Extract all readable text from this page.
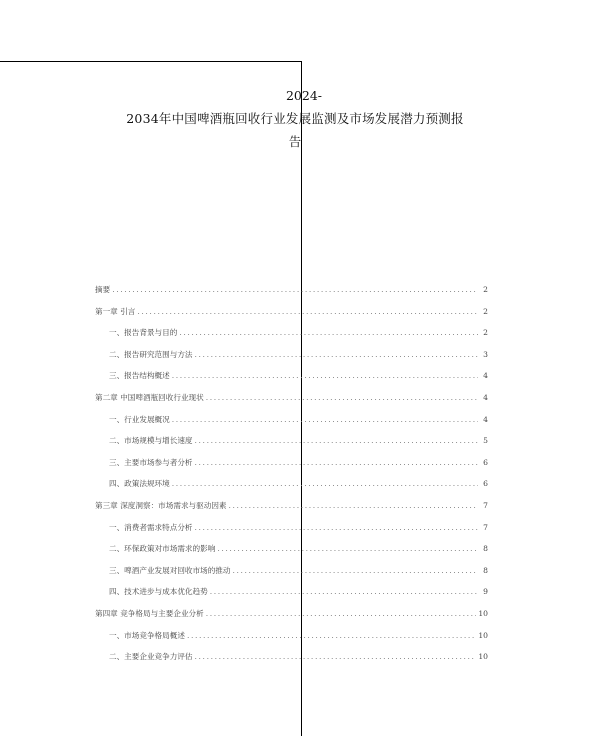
2024-
2034年中国啤酒瓶回收行业发展监测及市场发展潜力预测报
告
摘要 .....	2
第一章 引言 .....	2
一、报告背景与目的 .....	2
二、报告研究范围与方法 .....	3
三、报告结构概述 .....	4
第二章 中国啤酒瓶回收行业现状 .....	4
一、行业发展概况 .....	4
二、市场规模与增长速度 .....	5
三、主要市场参与者分析 .....	6
四、政策法规环境 .....	6
第三章 深度洞察：市场需求与驱动因素 .....	7
一、消费者需求特点分析 .....	7
二、环保政策对市场需求的影响 .....	8
三、啤酒产业发展对回收市场的推动 .....	8
四、技术进步与成本优化趋势 .....	9
第四章 竞争格局与主要企业分析 .....	10
一、市场竞争格局概述 .....	10
二、主要企业竞争力评估 .....	10
